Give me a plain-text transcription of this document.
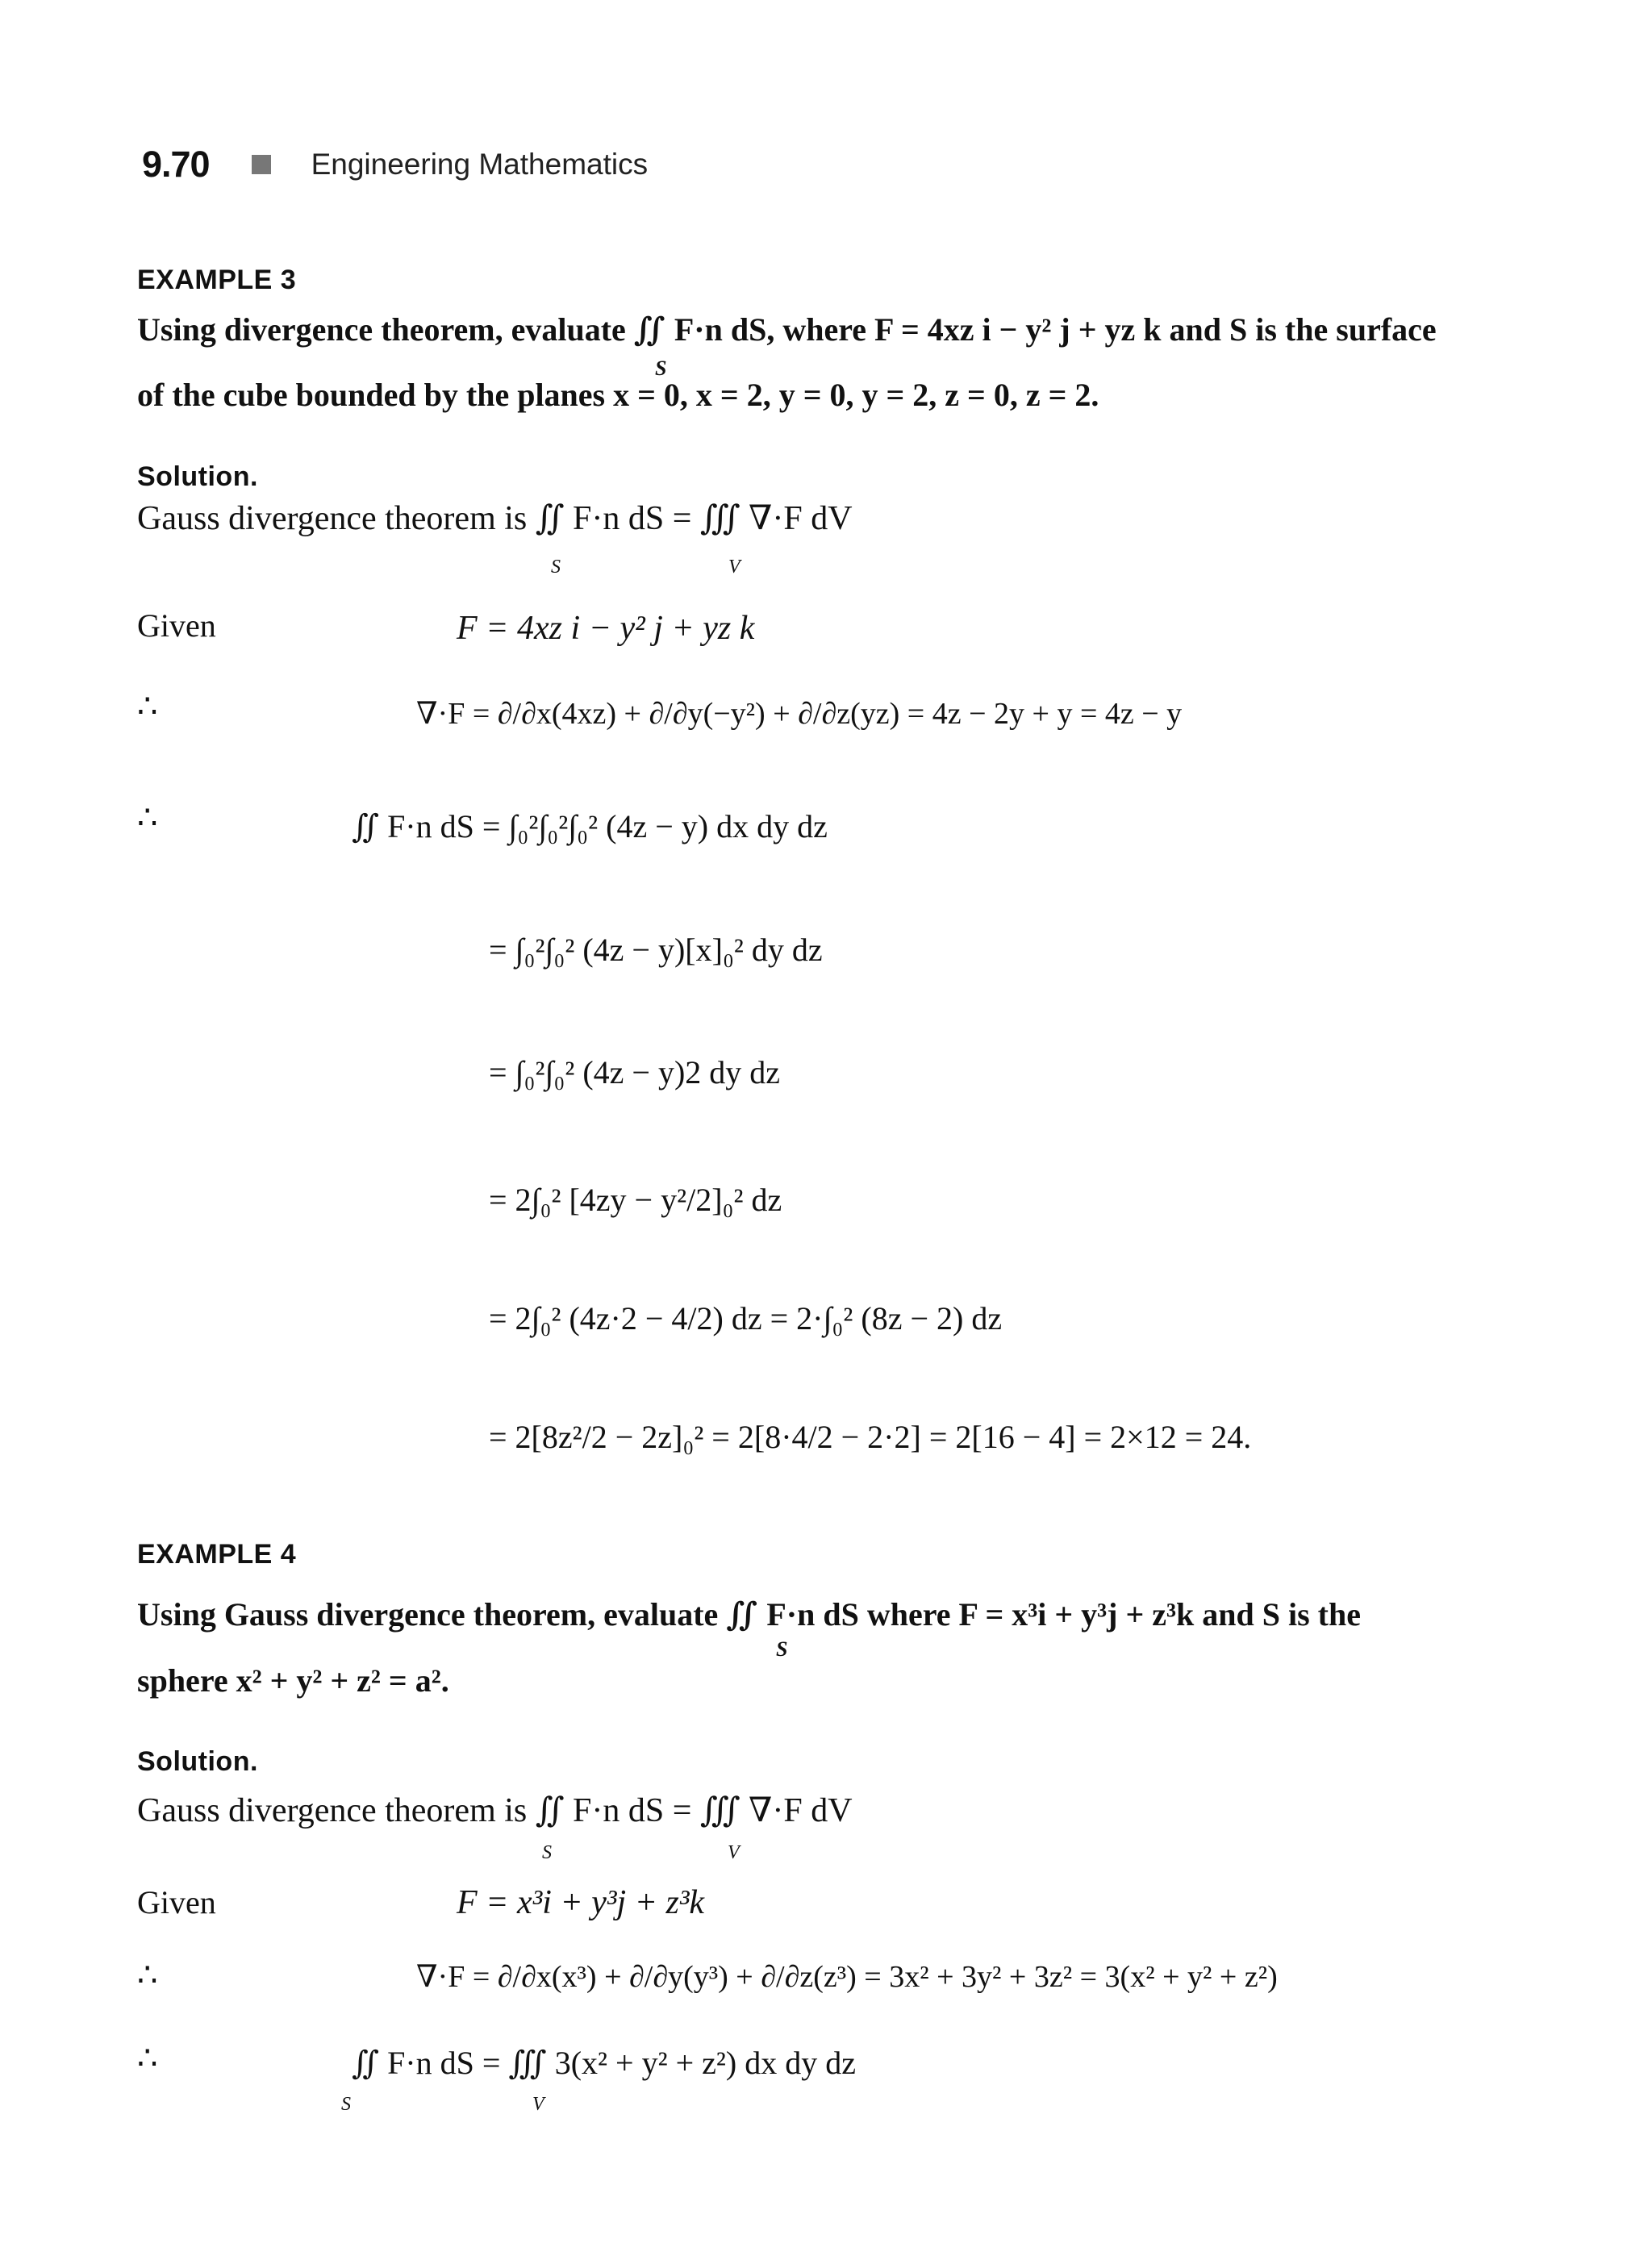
9.70	Engineering Mathematics
EXAMPLE 3
Using divergence theorem, evaluate ∬ F·n dS, where F = 4xz i − y² j + yz k and S is the surface
S
of the cube bounded by the planes x = 0, x = 2, y = 0, y = 2, z = 0, z = 2.
Solution.
Gauss divergence theorem is ∬ F·n dS = ∭ ∇·F dV
S	V
Given	F = 4xz i − y² j + yz k
∴	∇·F = ∂/∂x(4xz) + ∂/∂y(−y²) + ∂/∂z(yz) = 4z − 2y + y = 4z − y
∴	∬ F·n dS = ∫₀²∫₀²∫₀² (4z − y) dx dy dz
= ∫₀²∫₀² (4z − y)[x]₀² dy dz
= ∫₀²∫₀² (4z − y)2 dy dz
= 2∫₀² [4zy − y²/2]₀² dz
= 2∫₀² (4z·2 − 4/2) dz = 2·∫₀² (8z − 2) dz
= 2[8z²/2 − 2z]₀² = 2[8·4/2 − 2·2] = 2[16 − 4] = 2×12 = 24.
EXAMPLE 4
Using Gauss divergence theorem, evaluate ∬ F·n dS where F = x³i + y³j + z³k and S is the
S
sphere x² + y² + z² = a².
Solution.
Gauss divergence theorem is ∬ F·n dS = ∭ ∇·F dV
S	V
Given	F = x³i + y³j + z³k
∴	∇·F = ∂/∂x(x³) + ∂/∂y(y³) + ∂/∂z(z³) = 3x² + 3y² + 3z² = 3(x² + y² + z²)
∴	∬ F·n dS = ∭ 3(x² + y² + z²) dx dy dz
S	V
